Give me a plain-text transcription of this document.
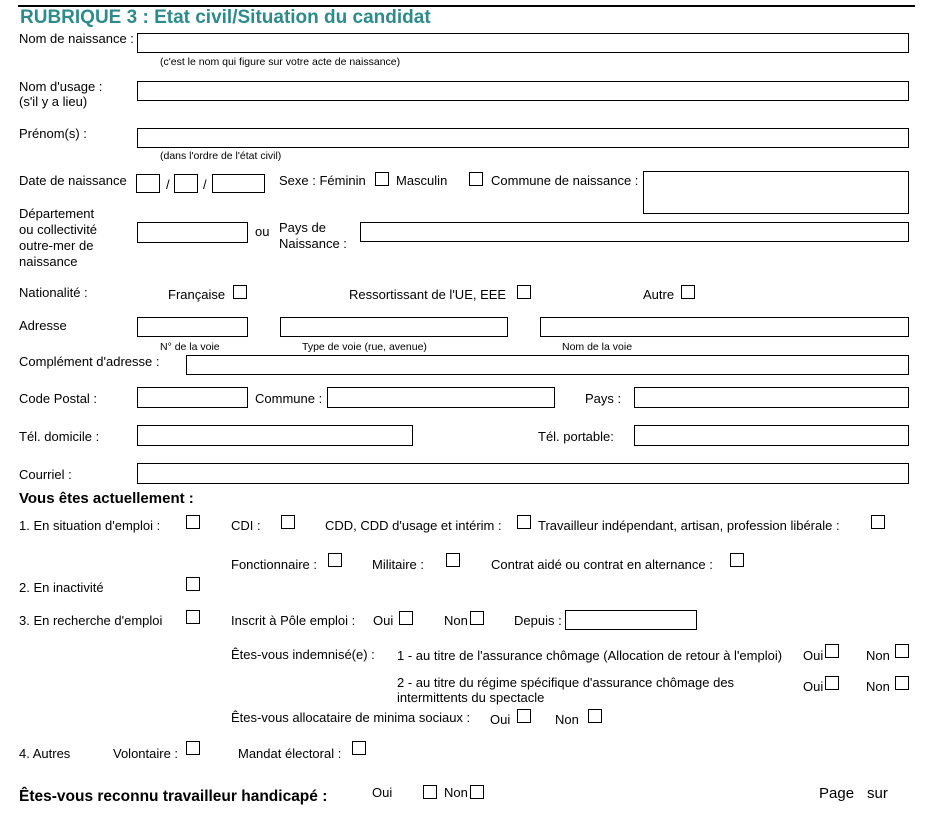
RUBRIQUE 3 : Etat civil/Situation du candidat
Nom de naissance :
(c'est le nom qui figure sur votre acte de naissance)
Nom d'usage :
(s'il y a lieu)
Prénom(s) :
(dans l'ordre de l'état civil)
Date de naissance	/	/	Sexe : Féminin Masculin	Commune de naissance :
Département
ou collectivité
outre-mer de
naissance
ou Pays de
Naissance :
Nationalité :	Française	Ressortissant de l'UE, EEE	Autre
Adresse
N° de la voie	Type de voie (rue, avenue)	Nom de la voie
Complément d'adresse :
Code Postal :	Commune :	Pays :
Tél. domicile :	Tél. portable:
Courriel :
Vous êtes actuellement :
1. En situation d'emploi :	CDI :	CDD, CDD d'usage et intérim :	Travailleur indépendant, artisan, profession libérale :
Fonctionnaire :	Militaire :	Contrat aidé ou contrat en alternance :
2. En inactivité
3. En recherche d'emploi	Inscrit à Pôle emploi : Oui	Non	Depuis :
Êtes-vous indemnisé(e) : 1 - au titre de l'assurance chômage (Allocation de retour à l'emploi) Oui	Non
2 - au titre du régime spécifique d'assurance chômage des
intermittents du spectacle
Oui	Non
Êtes-vous allocataire de minima sociaux : Oui	Non
4. Autres	Volontaire :	Mandat électoral :
Êtes-vous reconnu travailleur handicapé :	Oui	Non	Page sur
